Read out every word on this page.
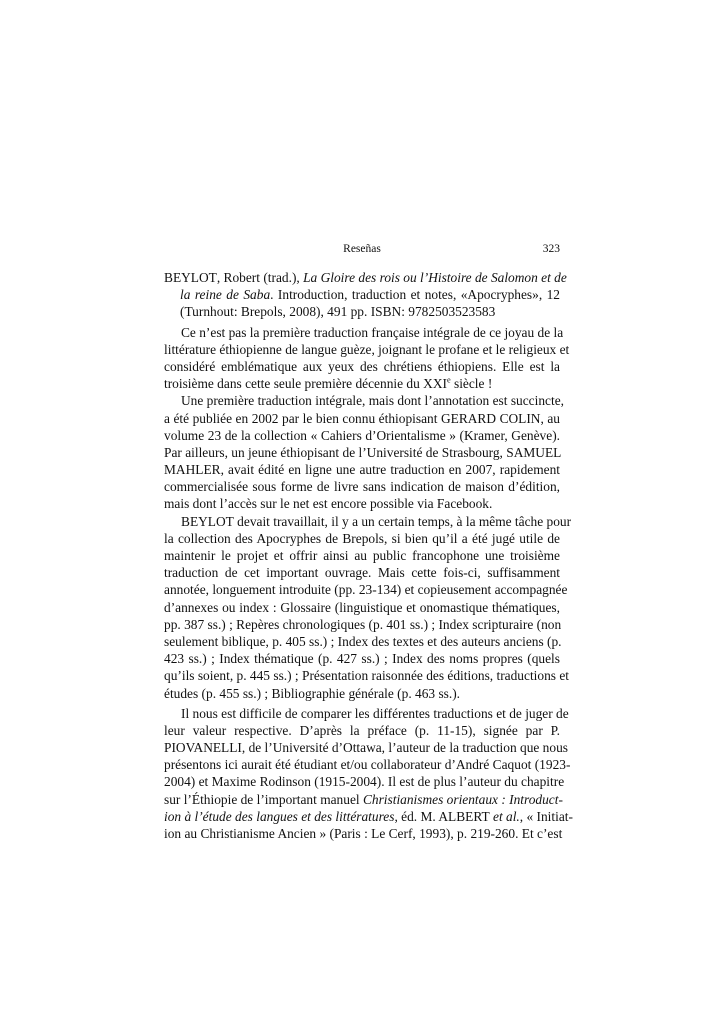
Reseñas	323
BEYLOT, Robert (trad.), La Gloire des rois ou l’Histoire de Salomon et de
la reine de Saba. Introduction, traduction et notes, «Apocryphes», 12
(Turnhout: Brepols, 2008), 491 pp. ISBN: 9782503523583
Ce n’est pas la première traduction française intégrale de ce joyau de la
littérature éthiopienne de langue guèze, joignant le profane et le religieux et
considéré emblématique aux yeux des chrétiens éthiopiens. Elle est la
troisième dans cette seule première décennie du XXIe siècle !
Une première traduction intégrale, mais dont l’annotation est succincte,
a été publiée en 2002 par le bien connu éthiopisant GERARD COLIN, au
volume 23 de la collection « Cahiers d’Orientalisme » (Kramer, Genève).
Par ailleurs, un jeune éthiopisant de l’Université de Strasbourg, SAMUEL
MAHLER, avait édité en ligne une autre traduction en 2007, rapidement
commercialisée sous forme de livre sans indication de maison d’édition,
mais dont l’accès sur le net est encore possible via Facebook.
BEYLOT devait travaillait, il y a un certain temps, à la même tâche pour
la collection des Apocryphes de Brepols, si bien qu’il a été jugé utile de
maintenir le projet et offrir ainsi au public francophone une troisième
traduction de cet important ouvrage. Mais cette fois-ci, suffisamment
annotée, longuement introduite (pp. 23-134) et copieusement accompagnée
d’annexes ou index : Glossaire (linguistique et onomastique thématiques,
pp. 387 ss.) ; Repères chronologiques (p. 401 ss.) ; Index scripturaire (non
seulement biblique, p. 405 ss.) ; Index des textes et des auteurs anciens (p.
423 ss.) ; Index thématique (p. 427 ss.) ; Index des noms propres (quels
qu’ils soient, p. 445 ss.) ; Présentation raisonnée des éditions, traductions et
études (p. 455 ss.) ; Bibliographie générale (p. 463 ss.).
Il nous est difficile de comparer les différentes traductions et de juger de
leur valeur respective. D’après la préface (p. 11-15), signée par P.
PIOVANELLI, de l’Université d’Ottawa, l’auteur de la traduction que nous
présentons ici aurait été étudiant et/ou collaborateur d’André Caquot (1923-
2004) et Maxime Rodinson (1915-2004). Il est de plus l’auteur du chapitre
sur l’Éthiopie de l’important manuel Christianismes orientaux : Introduct-
ion à l’étude des langues et des littératures, éd. M. ALBERT et al., « Initiat-
ion au Christianisme Ancien » (Paris : Le Cerf, 1993), p. 219-260. Et c’est
